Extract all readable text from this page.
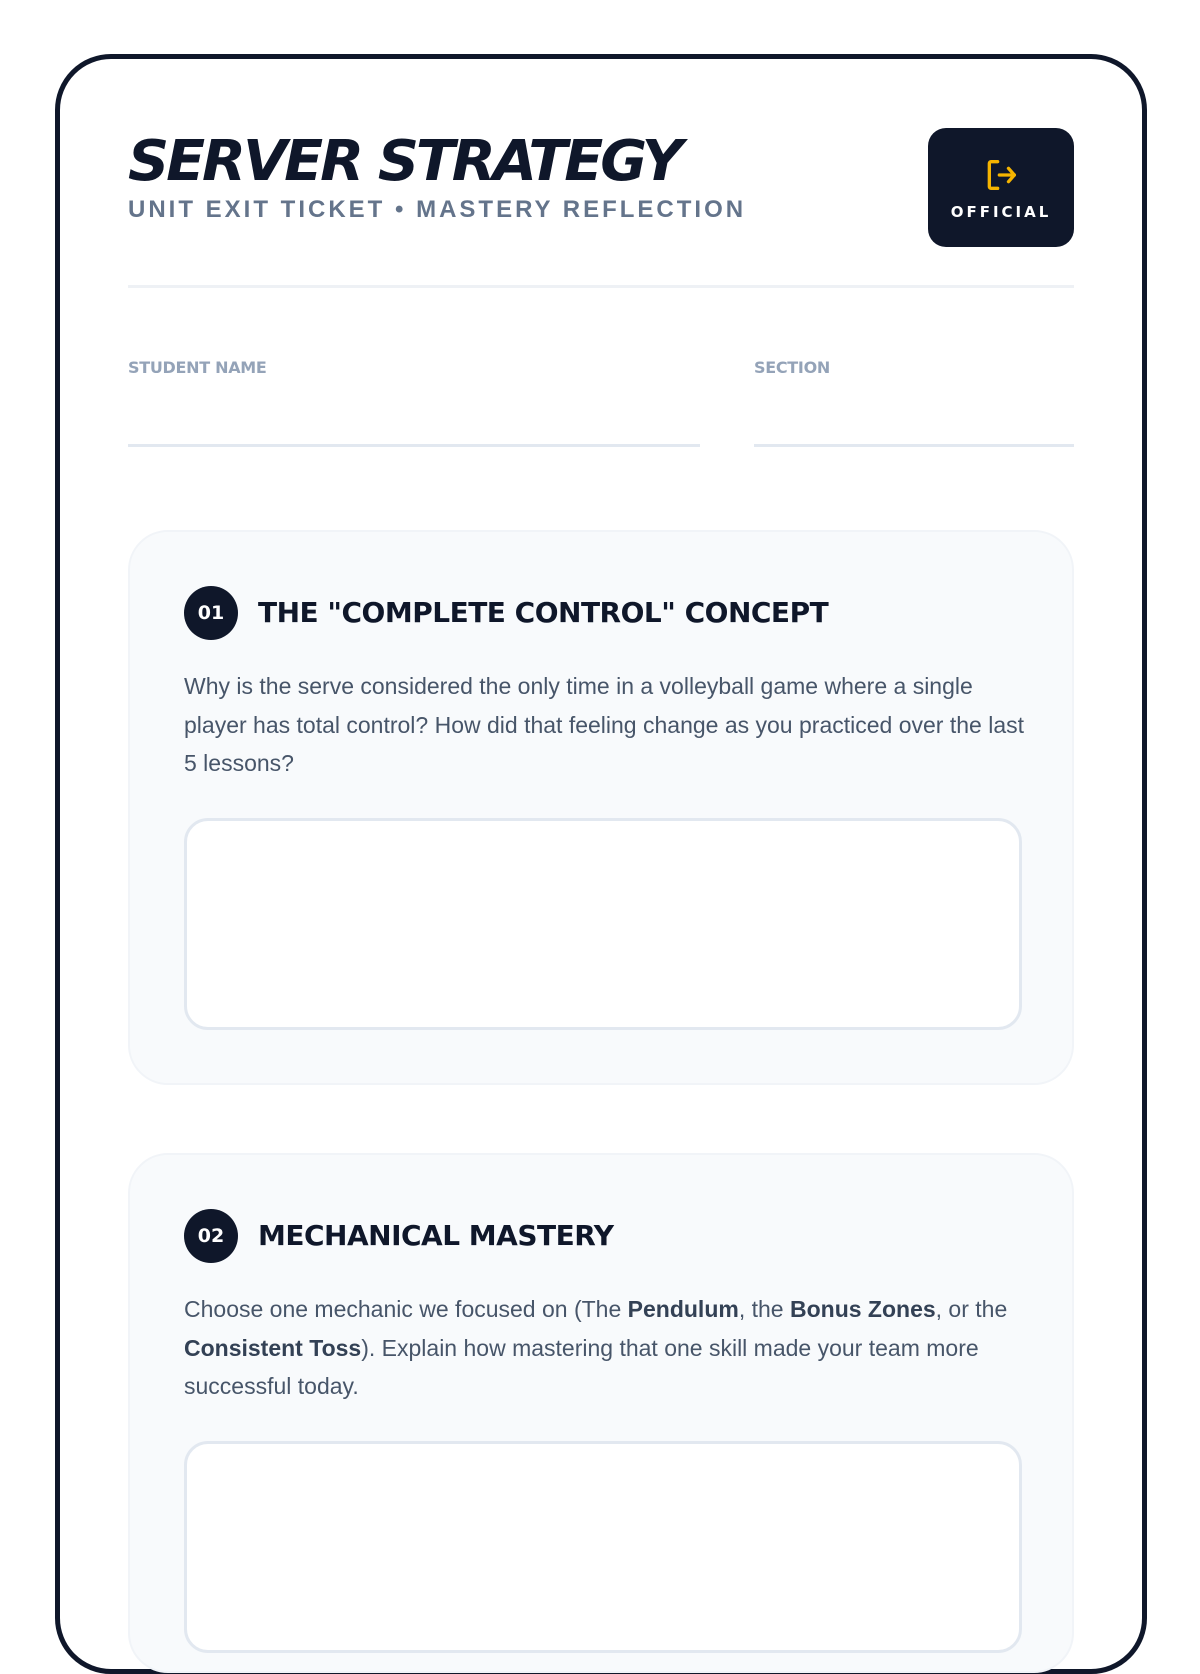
SERVER STRATEGY
UNIT EXIT TICKET • MASTERY REFLECTION	OFFICIAL
STUDENT NAME	SECTION
01	THE "COMPLETE CONTROL" CONCEPT
Why is the serve considered the only time in a volleyball game where a single player has total control? How did that feeling change as you practiced over the last 5 lessons?
02	MECHANICAL MASTERY
Choose one mechanic we focused on (The Pendulum, the Bonus Zones, or the Consistent Toss). Explain how mastering that one skill made your team more successful today.
